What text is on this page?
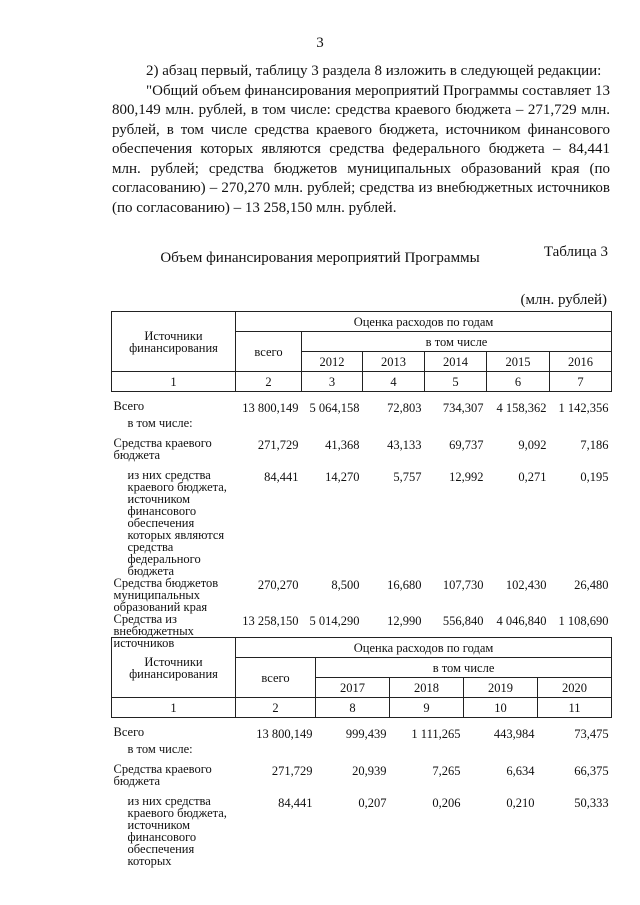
3

2) абзац первый, таблицу 3 раздела 8 изложить в следующей редакции:

"Общий объем финансирования мероприятий Программы составляет 13 800,149 млн. рублей, в том числе: средства краевого бюджета – 271,729 млн. рублей, в том числе средства краевого бюджета, источником финансового обеспечения которых являются средства федерального бюджета – 84,441 млн. рублей; средства бюджетов муниципальных образований края (по согласованию) – 270,270 млн. рублей; средства из внебюджетных источников (по согласованию) – 13 258,150 млн. рублей.

Таблица 3
Объем финансирования мероприятий Программы
(млн. рублей)
Источники финансирования	Оценка расходов по годам					
	всего	в том числе				
		2012	2013	2014	2015	2016
1	2	3	4	5	6	7

Всего	13 800,149	5 064,158	72,803	734,307	4 158,362	1 142,356
в том числе:						
Средства краевого бюджета	271,729	41,368	43,133	69,737	9,092	7,186
из них средства краевого бюджета, источником финансового обеспечения которых являются средства федерального бюджета	84,441	14,270	5,757	12,992	0,271	0,195
Средства бюджетов муниципальных образований края	270,270	8,500	16,680	107,730	102,430	26,480
Средства из внебюджетных источников	13 258,150	5 014,290	12,990	556,840	4 046,840	1 108,690
Источники финансирования	Оценка расходов по годам				
	всего	в том числе			
		2017	2018	2019	2020
1	2	8	9	10	11

Всего	13 800,149	999,439	1 111,265	443,984	73,475
в том числе:					
Средства краевого бюджета	271,729	20,939	7,265	6,634	66,375
из них средства краевого бюджета, источником финансового обеспечения которых	84,441	0,207	0,206	0,210	50,333
